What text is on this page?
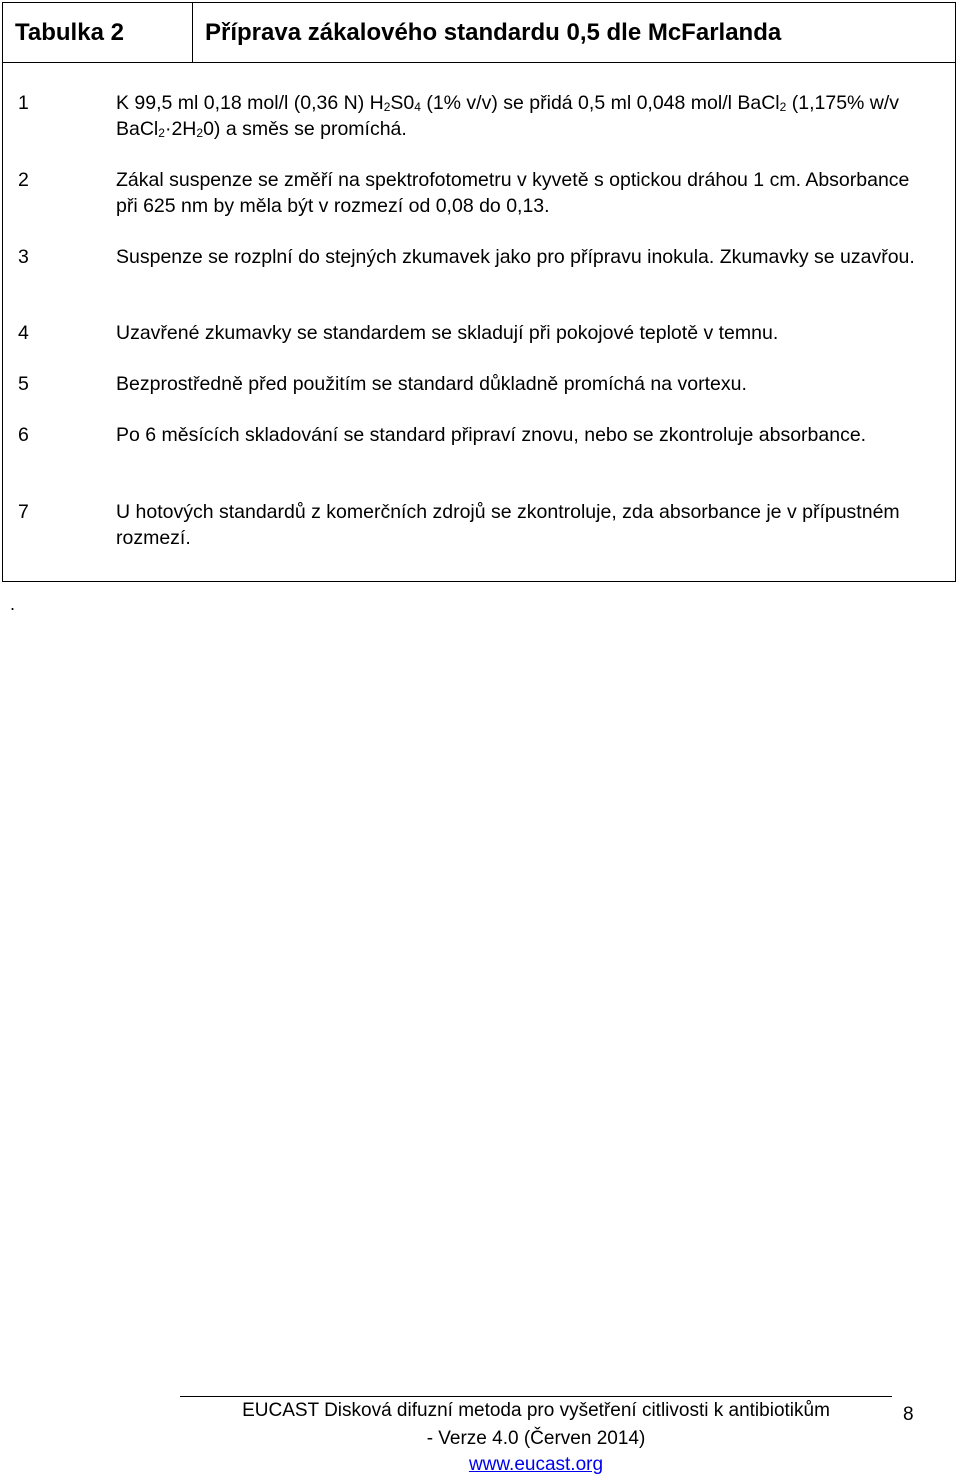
Tabulka 2	Příprava zákalového standardu 0,5 dle McFarlanda
1	K 99,5 ml 0,18 mol/l (0,36 N) $H_2S0_4$ (1% v/v) se přidá 0,5 ml 0,048 mol/l BaCl$_2$ (1,175% w/v $BaCl_2\cdot 2H_20$) a směs se promíchá.
2	Zákal suspenze se změří na spektrofotometru v kyvetě s optickou dráhou 1 cm. Absorbance při 625 nm by měla být v rozmezí od 0,08 do 0,13.
3	Suspenze se rozplní do stejných zkumavek jako pro přípravu inokula. Zkumavky se uzavřou.
4	Uzavřené zkumavky se standardem se skladují při pokojové teplotě v temnu.
5	Bezprostředně před použitím se standard důkladně promíchá na vortexu.
6	Po 6 měsících skladování se standard připraví znovu, nebo se zkontroluje absorbance.
7	U hotových standardů z komerčních zdrojů se zkontroluje, zda absorbance je v přípustném rozmezí.
.
EUCAST Disková difuzní metoda pro vyšetření citlivosti k antibiotikům
- Verze 4.0 (Červen 2014)
www.eucast.org
8
